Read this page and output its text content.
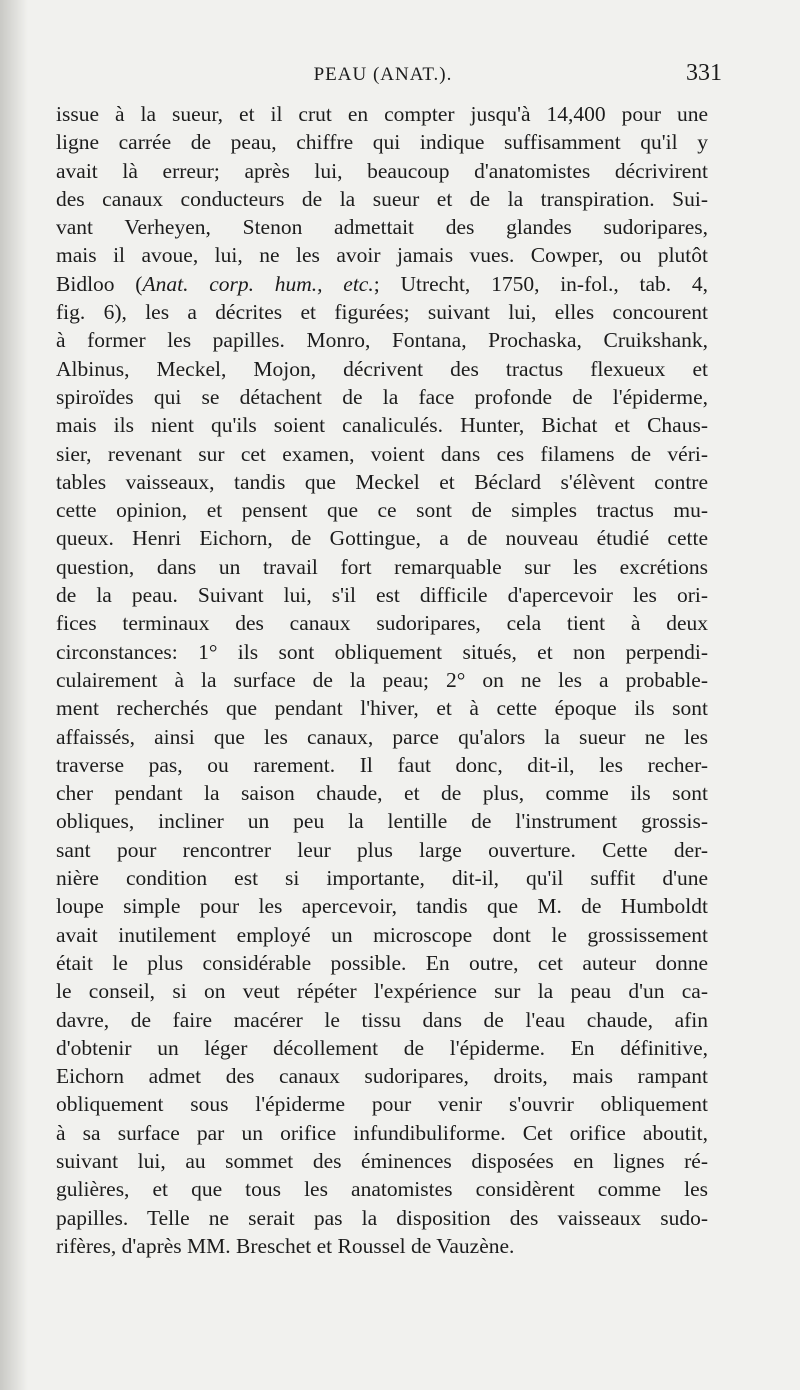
PEAU (ANAT.).	331
issue à la sueur, et il crut en compter jusqu'à 14,400 pour une
ligne carrée de peau, chiffre qui indique suffisamment qu'il y
avait là erreur; après lui, beaucoup d'anatomistes décrivirent
des canaux conducteurs de la sueur et de la transpiration. Sui-
vant Verheyen, Stenon admettait des glandes sudoripares,
mais il avoue, lui, ne les avoir jamais vues. Cowper, ou plutôt
Bidloo (Anat. corp. hum., etc.; Utrecht, 1750, in-fol., tab. 4,
fig. 6), les a décrites et figurées; suivant lui, elles concourent
à former les papilles. Monro, Fontana, Prochaska, Cruikshank,
Albinus, Meckel, Mojon, décrivent des tractus flexueux et
spiroïdes qui se détachent de la face profonde de l'épiderme,
mais ils nient qu'ils soient canaliculés. Hunter, Bichat et Chaus-
sier, revenant sur cet examen, voient dans ces filamens de véri-
tables vaisseaux, tandis que Meckel et Béclard s'élèvent contre
cette opinion, et pensent que ce sont de simples tractus mu-
queux. Henri Eichorn, de Gottingue, a de nouveau étudié cette
question, dans un travail fort remarquable sur les excrétions
de la peau. Suivant lui, s'il est difficile d'apercevoir les ori-
fices terminaux des canaux sudoripares, cela tient à deux
circonstances: 1° ils sont obliquement situés, et non perpendi-
culairement à la surface de la peau; 2° on ne les a probable-
ment recherchés que pendant l'hiver, et à cette époque ils sont
affaissés, ainsi que les canaux, parce qu'alors la sueur ne les
traverse pas, ou rarement. Il faut donc, dit-il, les recher-
cher pendant la saison chaude, et de plus, comme ils sont
obliques, incliner un peu la lentille de l'instrument grossis-
sant pour rencontrer leur plus large ouverture. Cette der-
nière condition est si importante, dit-il, qu'il suffit d'une
loupe simple pour les apercevoir, tandis que M. de Humboldt
avait inutilement employé un microscope dont le grossissement
était le plus considérable possible. En outre, cet auteur donne
le conseil, si on veut répéter l'expérience sur la peau d'un ca-
davre, de faire macérer le tissu dans de l'eau chaude, afin
d'obtenir un léger décollement de l'épiderme. En définitive,
Eichorn admet des canaux sudoripares, droits, mais rampant
obliquement sous l'épiderme pour venir s'ouvrir obliquement
à sa surface par un orifice infundibuliforme. Cet orifice aboutit,
suivant lui, au sommet des éminences disposées en lignes ré-
gulières, et que tous les anatomistes considèrent comme les
papilles. Telle ne serait pas la disposition des vaisseaux sudo-
rifères, d'après MM. Breschet et Roussel de Vauzène.
